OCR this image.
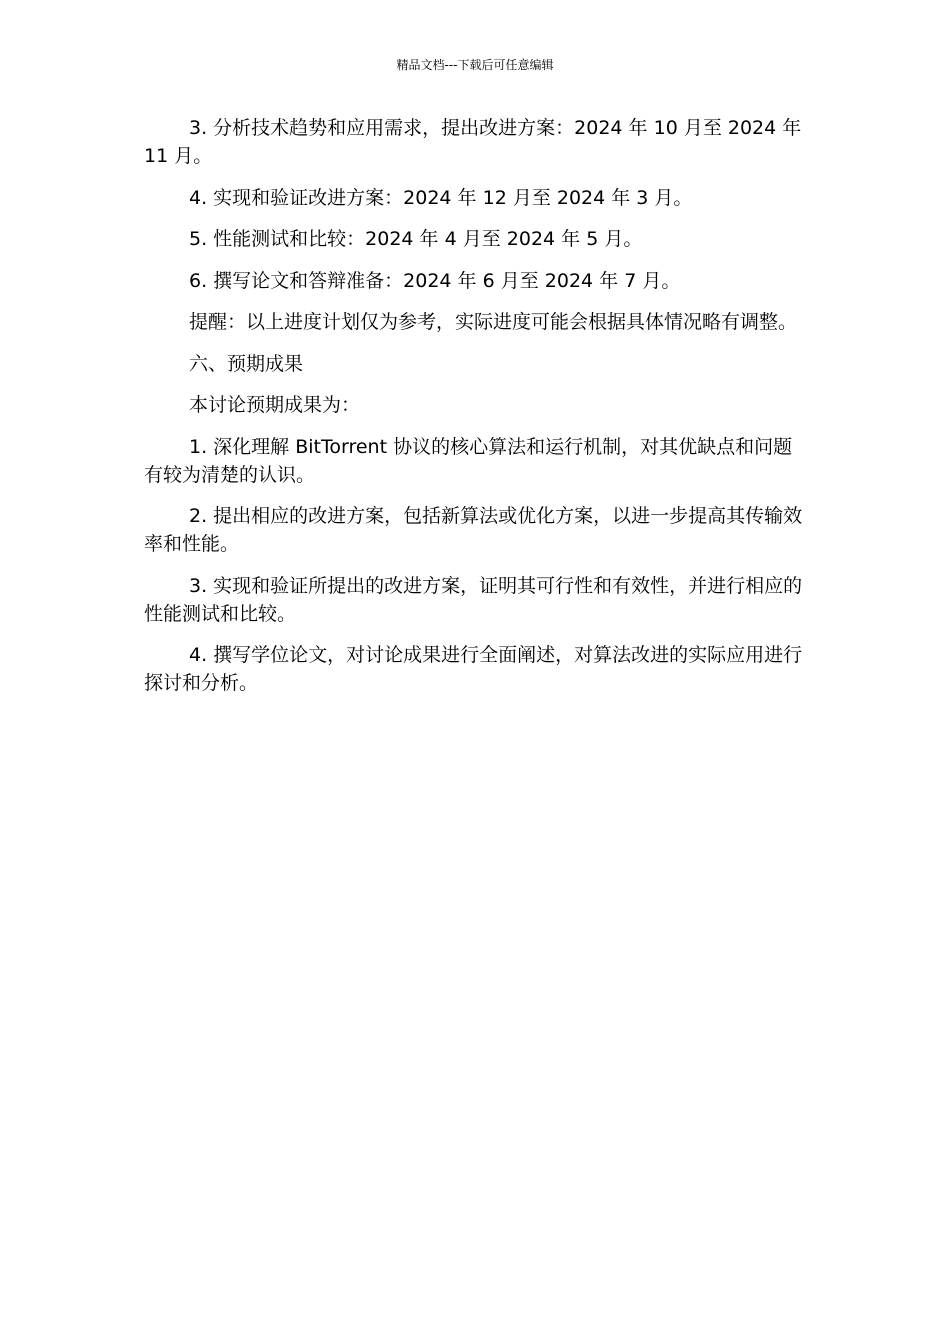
精品文档---下载后可任意编辑

3. 分析技术趋势和应用需求，提出改进方案：2024 年 10 月至 2024 年 11 月。

4. 实现和验证改进方案：2024 年 12 月至 2024 年 3 月。

5. 性能测试和比较：2024 年 4 月至 2024 年 5 月。

6. 撰写论文和答辩准备：2024 年 6 月至 2024 年 7 月。

提醒：以上进度计划仅为参考，实际进度可能会根据具体情况略有调整。

六、预期成果

本讨论预期成果为：

1. 深化理解 BitTorrent 协议的核心算法和运行机制，对其优缺点和问题有较为清楚的认识。

2. 提出相应的改进方案，包括新算法或优化方案，以进一步提高其传输效率和性能。

3. 实现和验证所提出的改进方案，证明其可行性和有效性，并进行相应的性能测试和比较。

4. 撰写学位论文，对讨论成果进行全面阐述，对算法改进的实际应用进行探讨和分析。
